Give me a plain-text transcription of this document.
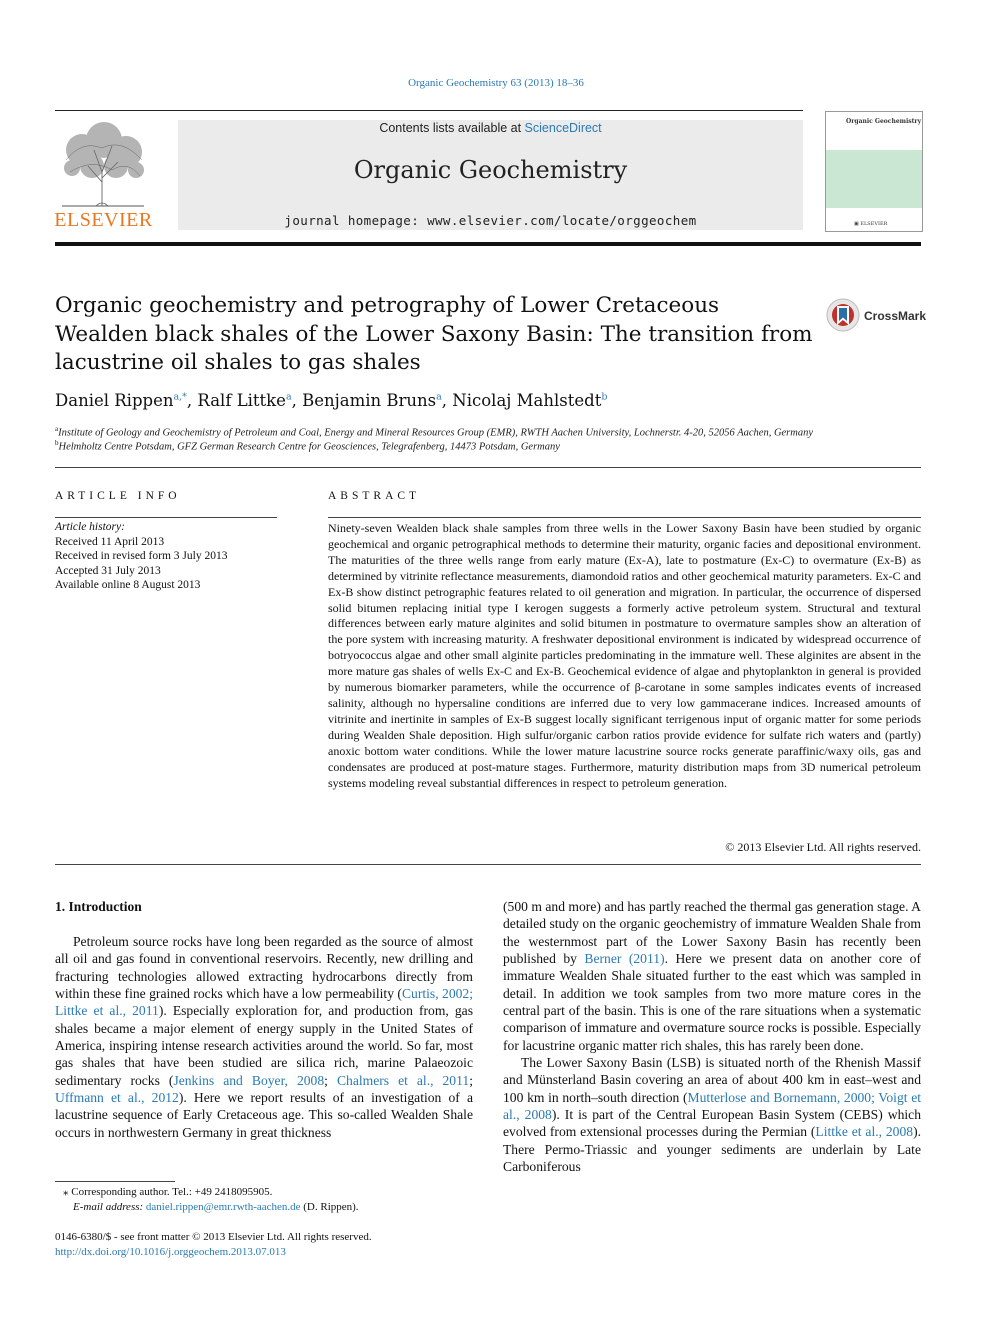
Organic Geochemistry 63 (2013) 18–36
ELSEVIER
Contents lists available at ScienceDirect
Organic Geochemistry
journal homepage: www.elsevier.com/locate/orggeochem
Organic Geochemistry
▣ ELSEVIER
Organic geochemistry and petrography of Lower Cretaceous Wealden black shales of the Lower Saxony Basin: The transition from lacustrine oil shales to gas shales
CrossMark
Daniel Rippen$^{a,*}$, Ralf Littke$^a$, Benjamin Bruns$^a$, Nicolaj Mahlstedt$^b$
$^a$Institute of Geology and Geochemistry of Petroleum and Coal, Energy and Mineral Resources Group (EMR), RWTH Aachen University, Lochnerstr. 4-20, 52056 Aachen, Germany
$^b$Helmholtz Centre Potsdam, GFZ German Research Centre for Geosciences, Telegrafenberg, 14473 Potsdam, Germany
ARTICLE INFO
Article history:
Received 11 April 2013
Received in revised form 3 July 2013
Accepted 31 July 2013
Available online 8 August 2013
ABSTRACT
Ninety-seven Wealden black shale samples from three wells in the Lower Saxony Basin have been studied by organic geochemical and organic petrographical methods to determine their maturity, organic facies and depositional environment. The maturities of the three wells range from early mature (Ex-A), late to postmature (Ex-C) to overmature (Ex-B) as determined by vitrinite reflectance measurements, diamondoid ratios and other geochemical maturity parameters. Ex-C and Ex-B show distinct petrographic features related to oil generation and migration. In particular, the occurrence of dispersed solid bitumen replacing initial type I kerogen suggests a formerly active petroleum system. Structural and textural differences between early mature alginites and solid bitumen in postmature to overmature samples show an alteration of the pore system with increasing maturity. A freshwater depositional environment is indicated by widespread occurrence of botryococcus algae and other small alginite particles predominating in the immature well. These alginites are absent in the more mature gas shales of wells Ex-C and Ex-B. Geochemical evidence of algae and phytoplankton in general is provided by numerous biomarker parameters, while the occurrence of β-carotane in some samples indicates events of increased salinity, although no hypersaline conditions are inferred due to very low gammacerane indices. Increased amounts of vitrinite and inertinite in samples of Ex-B suggest locally significant terrigenous input of organic matter for some periods during Wealden Shale deposition. High sulfur/organic carbon ratios provide evidence for sulfate rich waters and (partly) anoxic bottom water conditions. While the lower mature lacustrine source rocks generate paraffinic/waxy oils, gas and condensates are produced at post-mature stages. Furthermore, maturity distribution maps from 3D numerical petroleum systems modeling reveal substantial differences in respect to petroleum generation.
© 2013 Elsevier Ltd. All rights reserved.
1. Introduction

Petroleum source rocks have long been regarded as the source of almost all oil and gas found in conventional reservoirs. Recently, new drilling and fracturing technologies allowed extracting hydrocarbons directly from within these fine grained rocks which have a low permeability (Curtis, 2002; Littke et al., 2011). Especially exploration for, and production from, gas shales became a major element of energy supply in the United States of America, inspiring intense research activities around the world. So far, most gas shales that have been studied are silica rich, marine Palaeozoic sedimentary rocks (Jenkins and Boyer, 2008; Chalmers et al., 2011; Uffmann et al., 2012). Here we report results of an investigation of a lacustrine sequence of Early Cretaceous age. This so-called Wealden Shale occurs in northwestern Germany in great thickness

(500 m and more) and has partly reached the thermal gas generation stage. A detailed study on the organic geochemistry of immature Wealden Shale from the westernmost part of the Lower Saxony Basin has recently been published by Berner (2011). Here we present data on another core of immature Wealden Shale situated further to the east which was sampled in detail. In addition we took samples from two more mature cores in the central part of the basin. This is one of the rare situations when a systematic comparison of immature and overmature source rocks is possible. Especially for lacustrine organic matter rich shales, this has rarely been done.

The Lower Saxony Basin (LSB) is situated north of the Rhenish Massif and Münsterland Basin covering an area of about 400 km in east–west and 100 km in north–south direction (Mutterlose and Bornemann, 2000; Voigt et al., 2008). It is part of the Central European Basin System (CEBS) which evolved from extensional processes during the Permian (Littke et al., 2008). There Permo-Triassic and younger sediments are underlain by Late Carboniferous

⁎ Corresponding author. Tel.: +49 2418095905.
E-mail address: daniel.rippen@emr.rwth-aachen.de (D. Rippen).
0146-6380/$ - see front matter © 2013 Elsevier Ltd. All rights reserved.
http://dx.doi.org/10.1016/j.orggeochem.2013.07.013
